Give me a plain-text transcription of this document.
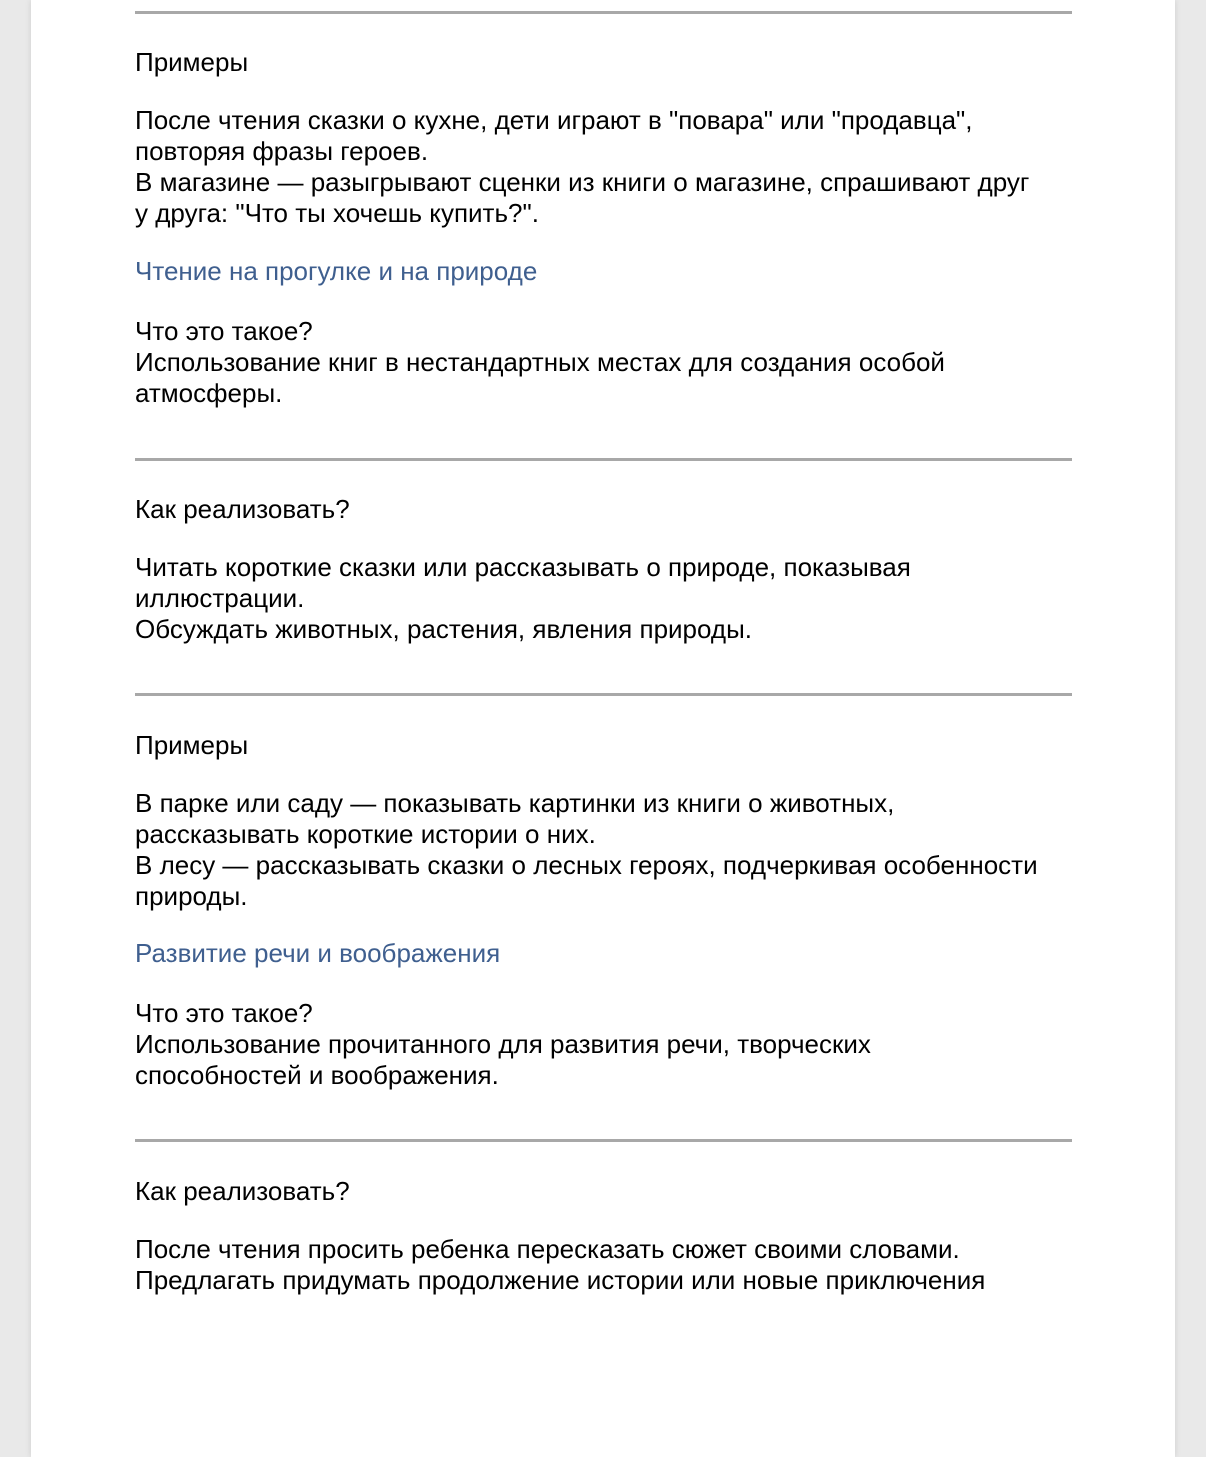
Примеры
После чтения сказки о кухне, дети играют в "повара" или "продавца",
повторяя фразы героев.
В магазине — разыгрывают сценки из книги о магазине, спрашивают друг
у друга: "Что ты хочешь купить?".
Чтение на прогулке и на природе
Что это такое?
Использование книг в нестандартных местах для создания особой
атмосферы.
Как реализовать?
Читать короткие сказки или рассказывать о природе, показывая
иллюстрации.
Обсуждать животных, растения, явления природы.
Примеры
В парке или саду — показывать картинки из книги о животных,
рассказывать короткие истории о них.
В лесу — рассказывать сказки о лесных героях, подчеркивая особенности
природы.
Развитие речи и воображения
Что это такое?
Использование прочитанного для развития речи, творческих
способностей и воображения.
Как реализовать?
После чтения просить ребенка пересказать сюжет своими словами.
Предлагать придумать продолжение истории или новые приключения
